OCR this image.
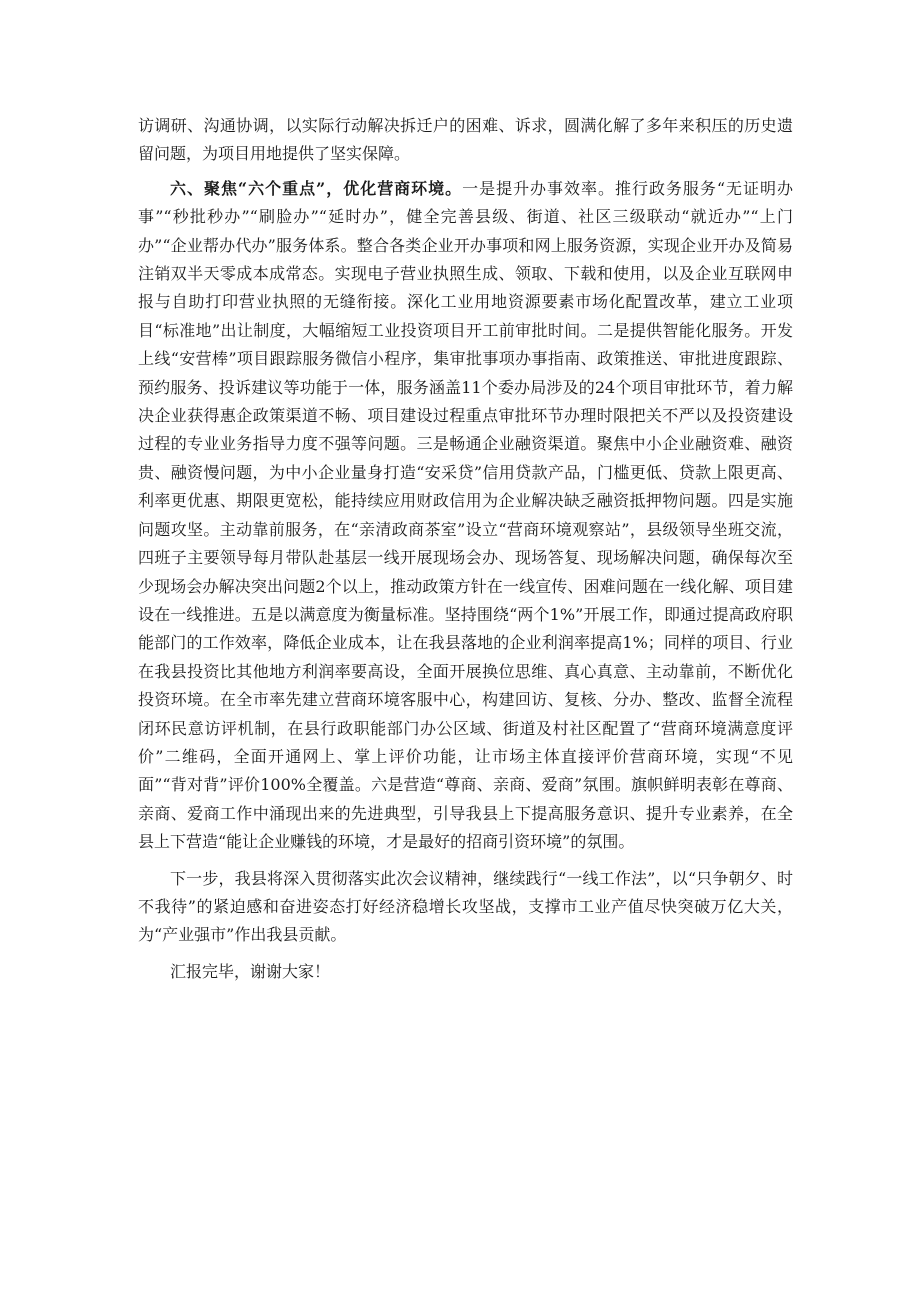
访调研、沟通协调，以实际行动解决拆迁户的困难、诉求，圆满化解了多年来积压的历史遗留问题，为项目用地提供了坚实保障。

六、聚焦“六个重点”，优化营商环境。一是提升办事效率。推行政务服务“无证明办事”“秒批秒办”“刷脸办”“延时办”，健全完善县级、街道、社区三级联动“就近办”“上门办”“企业帮办代办”服务体系。整合各类企业开办事项和网上服务资源，实现企业开办及简易注销双半天零成本成常态。实现电子营业执照生成、领取、下载和使用，以及企业互联网申报与自助打印营业执照的无缝衔接。深化工业用地资源要素市场化配置改革，建立工业项目“标准地”出让制度，大幅缩短工业投资项目开工前审批时间。二是提供智能化服务。开发上线“安营棒”项目跟踪服务微信小程序，集审批事项办事指南、政策推送、审批进度跟踪、预约服务、投诉建议等功能于一体，服务涵盖11个委办局涉及的24个项目审批环节，着力解决企业获得惠企政策渠道不畅、项目建设过程重点审批环节办理时限把关不严以及投资建设过程的专业业务指导力度不强等问题。三是畅通企业融资渠道。聚焦中小企业融资难、融资贵、融资慢问题，为中小企业量身打造“安采贷”信用贷款产品，门槛更低、贷款上限更高、利率更优惠、期限更宽松，能持续应用财政信用为企业解决缺乏融资抵押物问题。四是实施问题攻坚。主动靠前服务，在“亲清政商茶室”设立“营商环境观察站”，县级领导坐班交流，四班子主要领导每月带队赴基层一线开展现场会办、现场答复、现场解决问题，确保每次至少现场会办解决突出问题2个以上，推动政策方针在一线宣传、困难问题在一线化解、项目建设在一线推进。五是以满意度为衡量标准。坚持围绕“两个1%”开展工作，即通过提高政府职能部门的工作效率，降低企业成本，让在我县落地的企业利润率提高1%；同样的项目、行业在我县投资比其他地方利润率要高设，全面开展换位思维、真心真意、主动靠前，不断优化投资环境。在全市率先建立营商环境客服中心，构建回访、复核、分办、整改、监督全流程闭环民意访评机制，在县行政职能部门办公区域、街道及村社区配置了“营商环境满意度评价”二维码，全面开通网上、掌上评价功能，让市场主体直接评价营商环境，实现“不见面”“背对背”评价100%全覆盖。六是营造“尊商、亲商、爱商”氛围。旗帜鲜明表彰在尊商、亲商、爱商工作中涌现出来的先进典型，引导我县上下提高服务意识、提升专业素养，在全县上下营造“能让企业赚钱的环境，才是最好的招商引资环境”的氛围。

下一步，我县将深入贯彻落实此次会议精神，继续践行“一线工作法”，以“只争朝夕、时不我待”的紧迫感和奋进姿态打好经济稳增长攻坚战，支撑市工业产值尽快突破万亿大关，为“产业强市”作出我县贡献。

汇报完毕，谢谢大家！
